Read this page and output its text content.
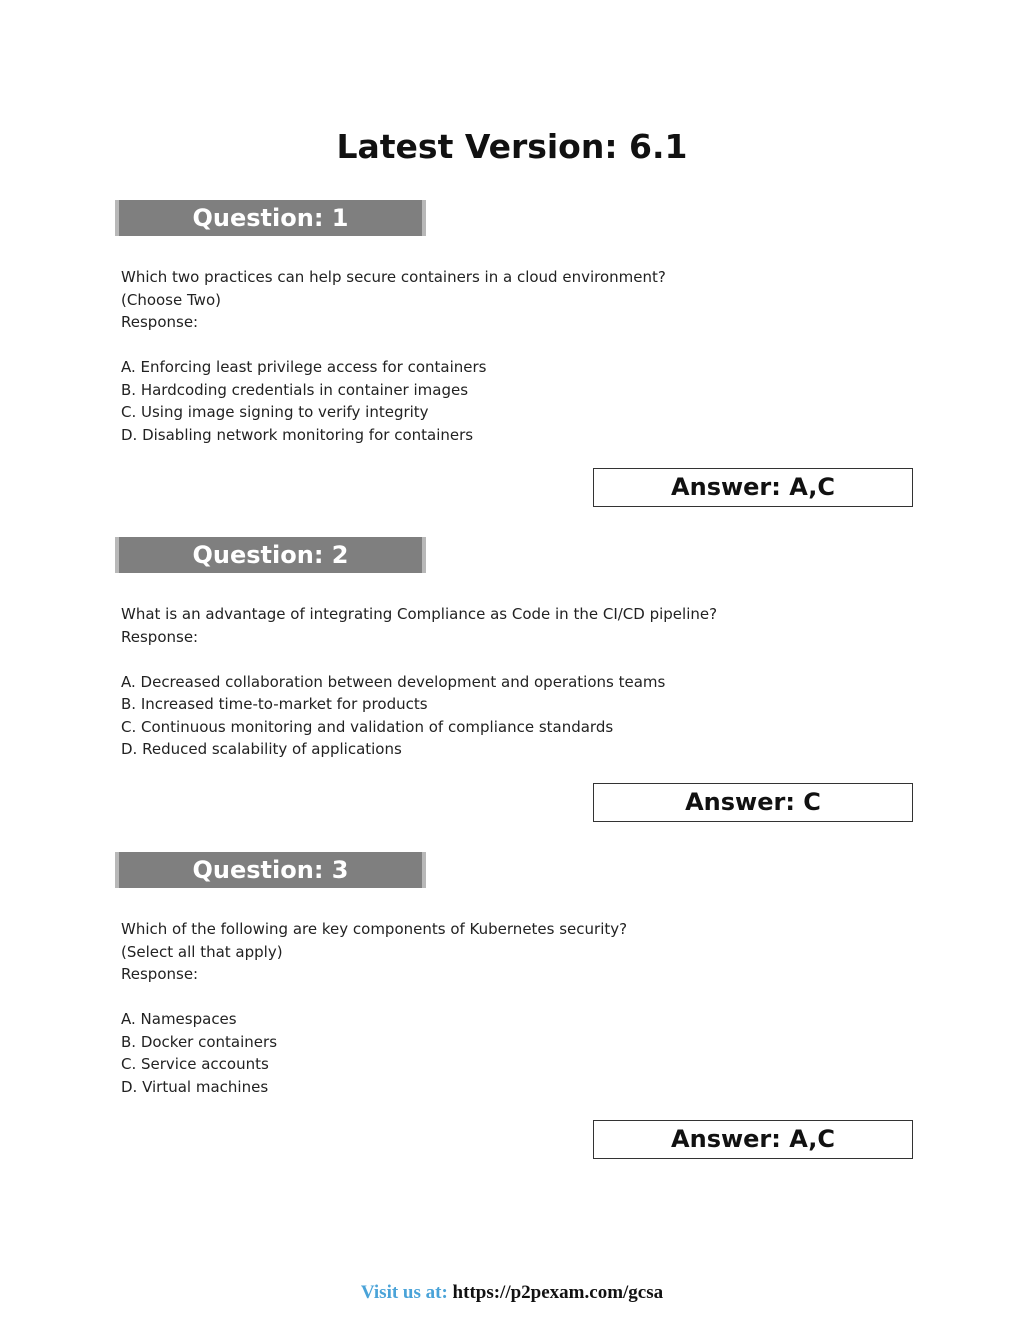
Latest Version: 6.1
Question: 1
Which two practices can help secure containers in a cloud environment?
(Choose Two)
Response:
A. Enforcing least privilege access for containers
B. Hardcoding credentials in container images
C. Using image signing to verify integrity
D. Disabling network monitoring for containers
Answer: A,C
Question: 2
What is an advantage of integrating Compliance as Code in the CI/CD pipeline?
Response:
A. Decreased collaboration between development and operations teams
B. Increased time-to-market for products
C. Continuous monitoring and validation of compliance standards
D. Reduced scalability of applications
Answer: C
Question: 3
Which of the following are key components of Kubernetes security?
(Select all that apply)
Response:
A. Namespaces
B. Docker containers
C. Service accounts
D. Virtual machines
Answer: A,C
Visit us at: https://p2pexam.com/gcsa
